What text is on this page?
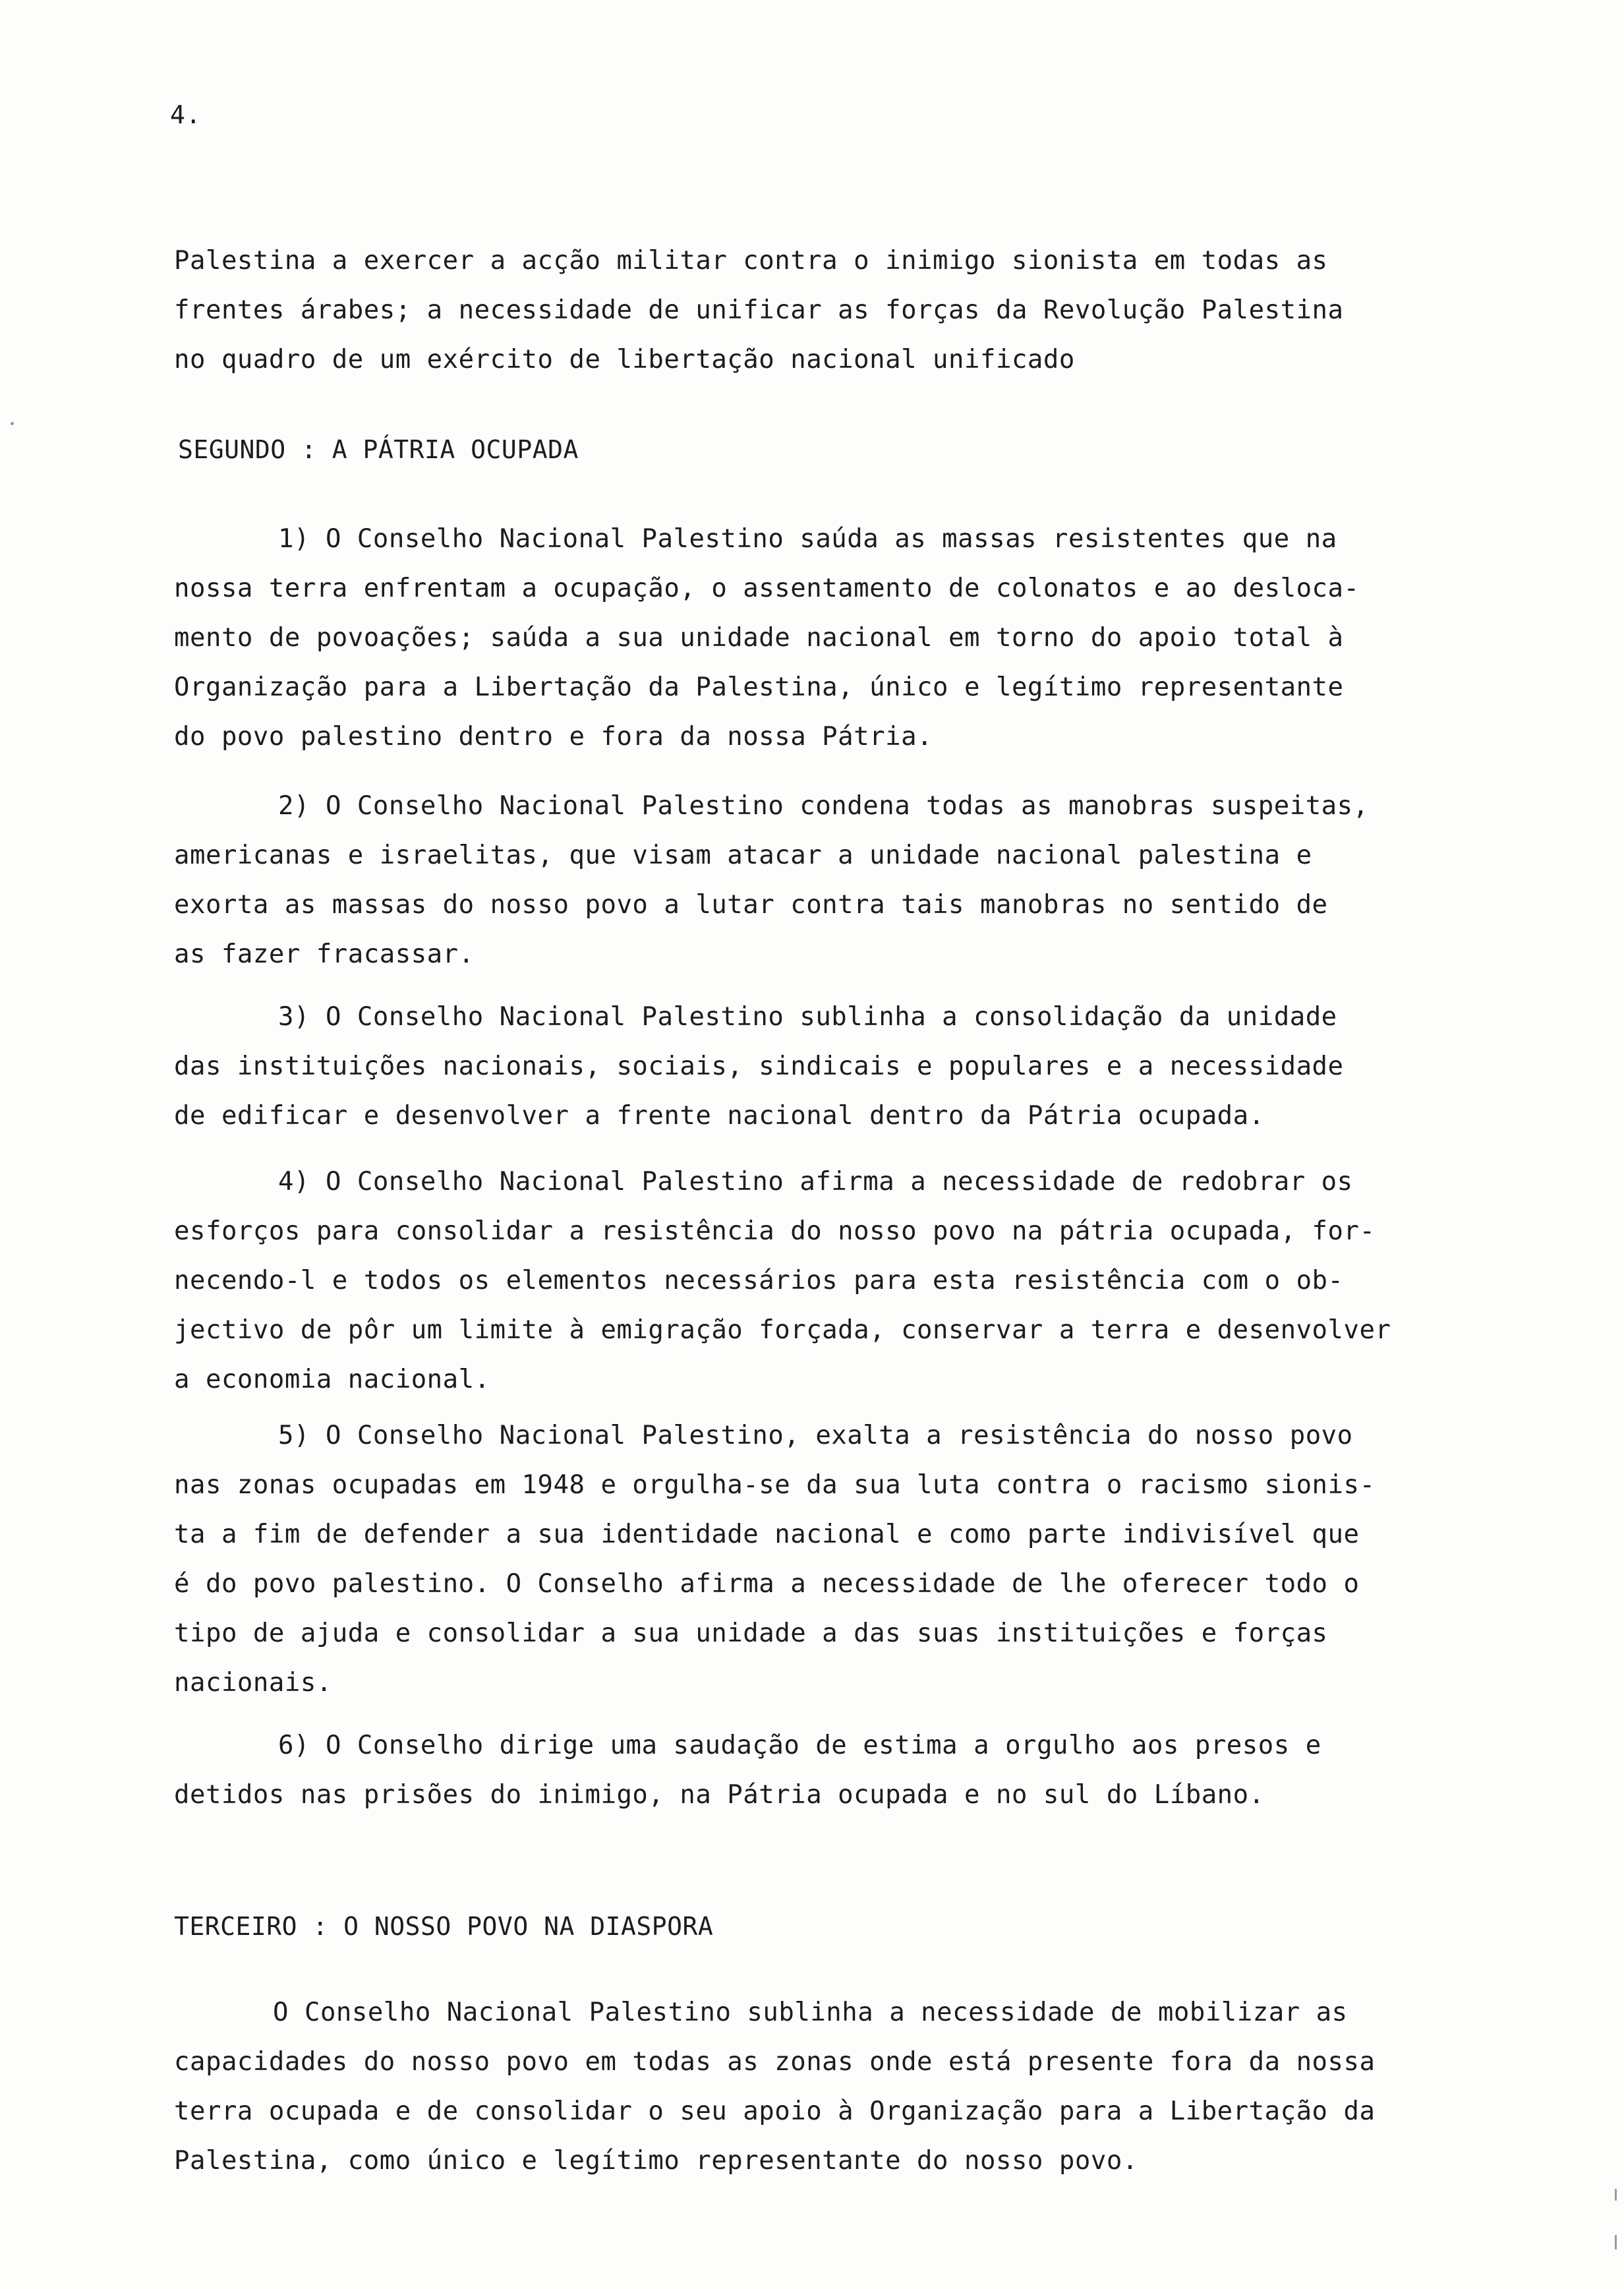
4.
Palestina a exercer a acção militar contra o inimigo sionista em todas as
frentes árabes; a necessidade de unificar as forças da Revolução Palestina
no quadro de um exército de libertação nacional unificado
SEGUNDO : A PÁTRIA OCUPADA
1) O Conselho Nacional Palestino saúda as massas resistentes que na
nossa terra enfrentam a ocupação, o assentamento de colonatos e ao desloca-
mento de povoações; saúda a sua unidade nacional em torno do apoio total à
Organização para a Libertação da Palestina, único e legítimo representante
do povo palestino dentro e fora da nossa Pátria.
2) O Conselho Nacional Palestino condena todas as manobras suspeitas,
americanas e israelitas, que visam atacar a unidade nacional palestina e
exorta as massas do nosso povo a lutar contra tais manobras no sentido de
as fazer fracassar.
3) O Conselho Nacional Palestino sublinha a consolidação da unidade
das instituições nacionais, sociais, sindicais e populares e a necessidade
de edificar e desenvolver a frente nacional dentro da Pátria ocupada.
4) O Conselho Nacional Palestino afirma a necessidade de redobrar os
esforços para consolidar a resistência do nosso povo na pátria ocupada, for-
necendo-l e todos os elementos necessários para esta resistência com o ob-
jectivo de pôr um limite à emigração forçada, conservar a terra e desenvolver
a economia nacional.
5) O Conselho Nacional Palestino, exalta a resistência do nosso povo
nas zonas ocupadas em 1948 e orgulha-se da sua luta contra o racismo sionis-
ta a fim de defender a sua identidade nacional e como parte indivisível que
é do povo palestino. O Conselho afirma a necessidade de lhe oferecer todo o
tipo de ajuda e consolidar a sua unidade a das suas instituições e forças
nacionais.
6) O Conselho dirige uma saudação de estima a orgulho aos presos e
detidos nas prisões do inimigo, na Pátria ocupada e no sul do Líbano.
TERCEIRO : O NOSSO POVO NA DIASPORA
O Conselho Nacional Palestino sublinha a necessidade de mobilizar as
capacidades do nosso povo em todas as zonas onde está presente fora da nossa
terra ocupada e de consolidar o seu apoio à Organização para a Libertação da
Palestina, como único e legítimo representante do nosso povo.
